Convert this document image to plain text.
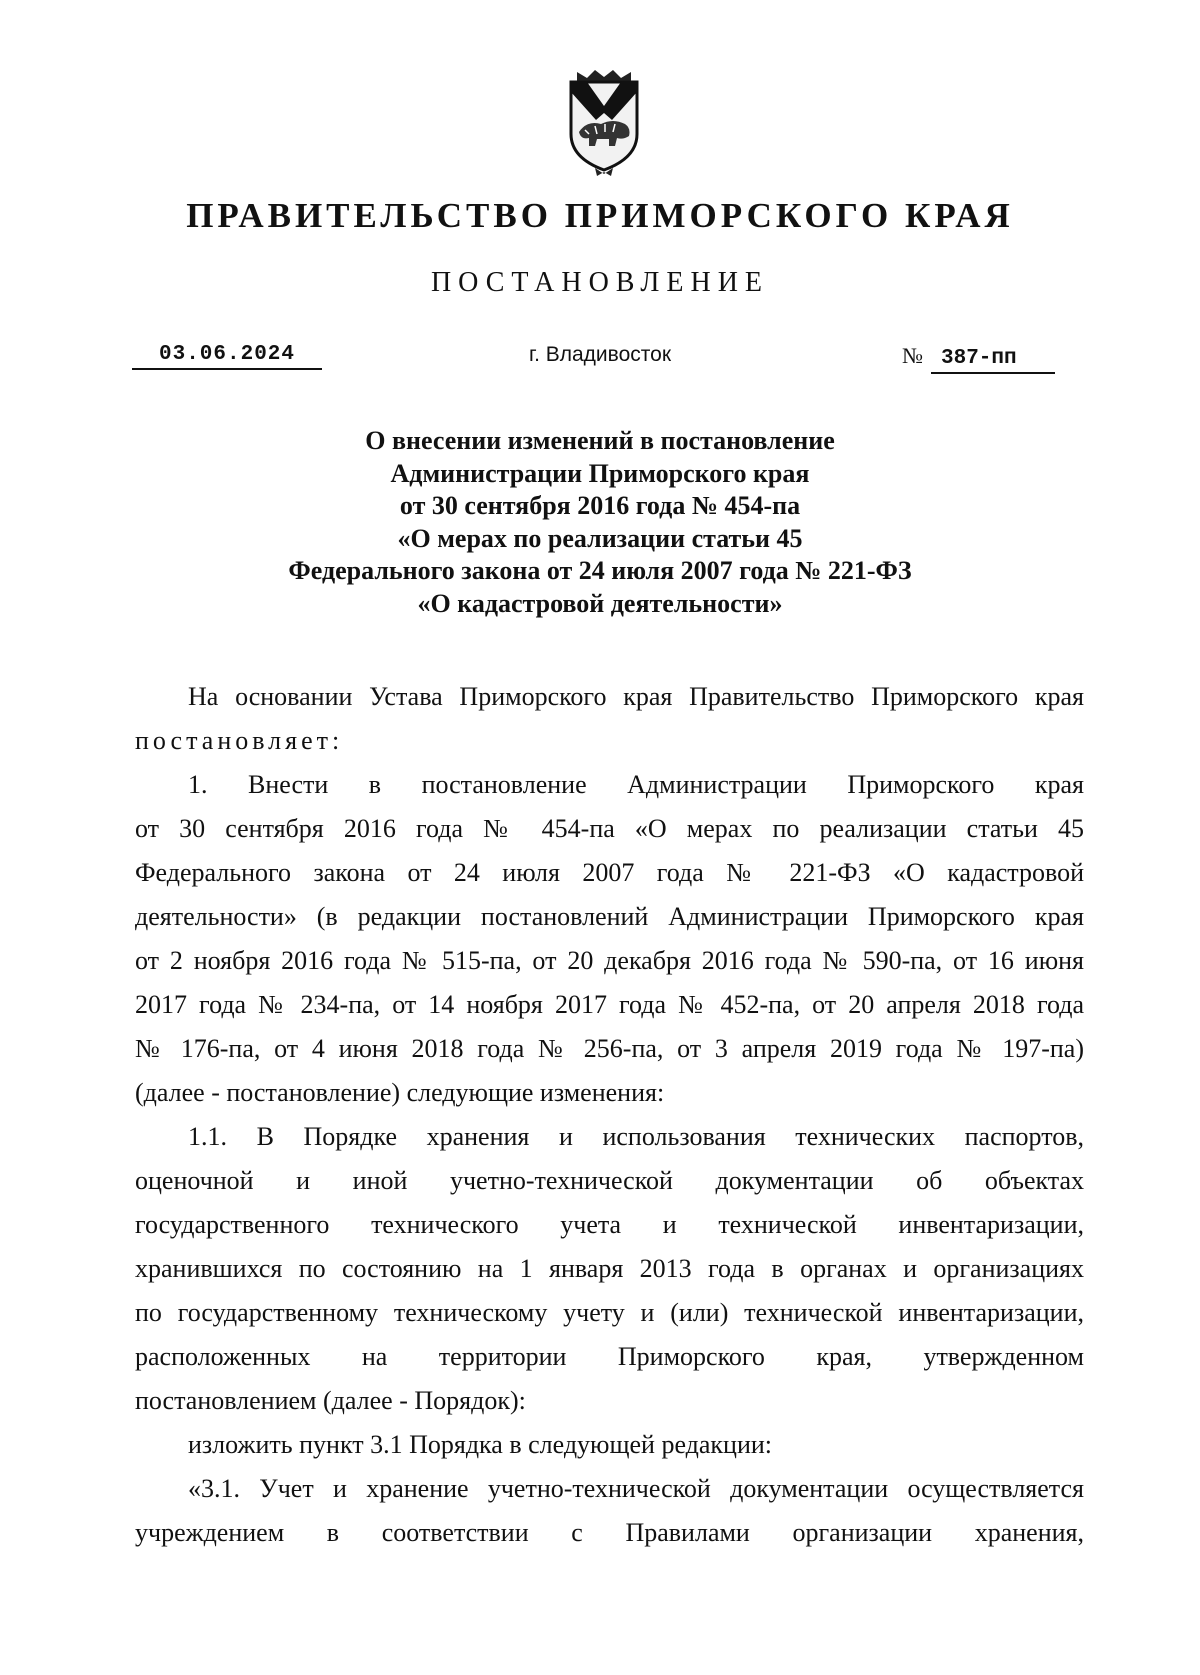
ПРАВИТЕЛЬСТВО ПРИМОРСКОГО КРАЯ
ПОСТАНОВЛЕНИЕ
03.06.2024	г. Владивосток	№ 387-пп
О внесении изменений в постановление
Администрации Приморского края
от 30 сентября 2016 года № 454-па
«О мерах по реализации статьи 45
Федерального закона от 24 июля 2007 года № 221-ФЗ
«О кадастровой деятельности»
На основании Устава Приморского края Правительство Приморского края
постановляет:
1. Внести в постановление Администрации Приморского края
от 30 сентября 2016 года № 454-па «О мерах по реализации статьи 45
Федерального закона от 24 июля 2007 года № 221-ФЗ «О кадастровой
деятельности» (в редакции постановлений Администрации Приморского края
от 2 ноября 2016 года № 515-па, от 20 декабря 2016 года № 590-па, от 16 июня
2017 года № 234-па, от 14 ноября 2017 года № 452-па, от 20 апреля 2018 года
№ 176-па, от 4 июня 2018 года № 256-па, от 3 апреля 2019 года № 197-па)
(далее - постановление) следующие изменения:
1.1. В Порядке хранения и использования технических паспортов,
оценочной и иной учетно-технической документации об объектах
государственного технического учета и технической инвентаризации,
хранившихся по состоянию на 1 января 2013 года в органах и организациях
по государственному техническому учету и (или) технической инвентаризации,
расположенных на территории Приморского края, утвержденном
постановлением (далее - Порядок):
изложить пункт 3.1 Порядка в следующей редакции:
«3.1. Учет и хранение учетно-технической документации осуществляется
учреждением в соответствии с Правилами организации хранения,
